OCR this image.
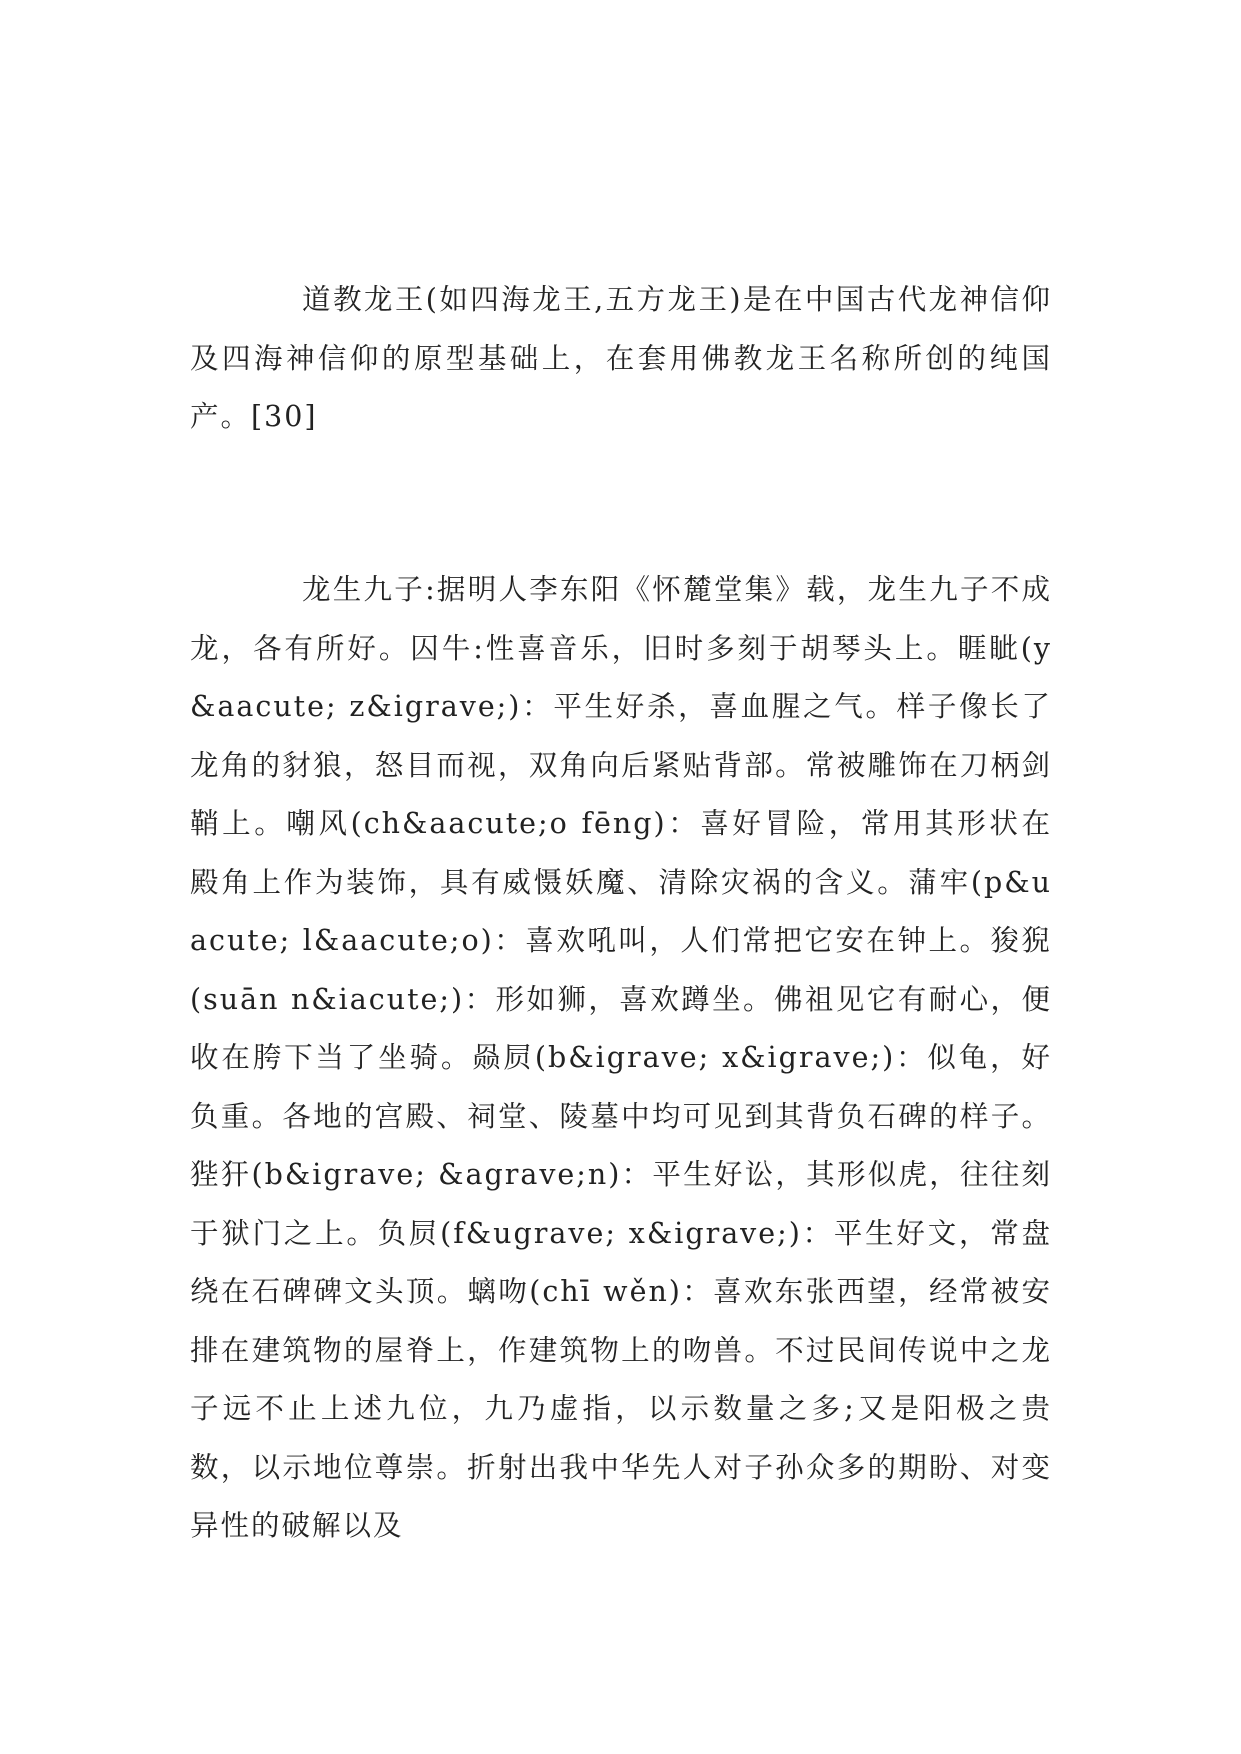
道教龙王(如四海龙王,五方龙王)是在中国古代龙神信仰及四海神信仰的原型基础上，在套用佛教龙王名称所创的纯国产。[30]

龙生九子:据明人李东阳《怀麓堂集》载，龙生九子不成龙，各有所好。囚牛:性喜音乐，旧时多刻于胡琴头上。睚眦(y&aacute; z&igrave;)：平生好杀，喜血腥之气。样子像长了龙角的豺狼，怒目而视，双角向后紧贴背部。常被雕饰在刀柄剑鞘上。嘲风(ch&aacute;o fēng)：喜好冒险，常用其形状在殿角上作为装饰，具有威慑妖魔、清除灾祸的含义。蒲牢(p&uacute; l&aacute;o)：喜欢吼叫，人们常把它安在钟上。狻猊(suān n&iacute;)：形如狮，喜欢蹲坐。佛祖见它有耐心，便收在胯下当了坐骑。赑屃(b&igrave; x&igrave;)：似龟，好负重。各地的宫殿、祠堂、陵墓中均可见到其背负石碑的样子。狴犴(b&igrave; &agrave;n)：平生好讼，其形似虎，往往刻于狱门之上。负屃(f&ugrave; x&igrave;)：平生好文，常盘绕在石碑碑文头顶。螭吻(chī wěn)：喜欢东张西望，经常被安排在建筑物的屋脊上，作建筑物上的吻兽。不过民间传说中之龙子远不止上述九位，九乃虚指，以示数量之多;又是阳极之贵数，以示地位尊崇。折射出我中华先人对子孙众多的期盼、对变异性的破解以及
